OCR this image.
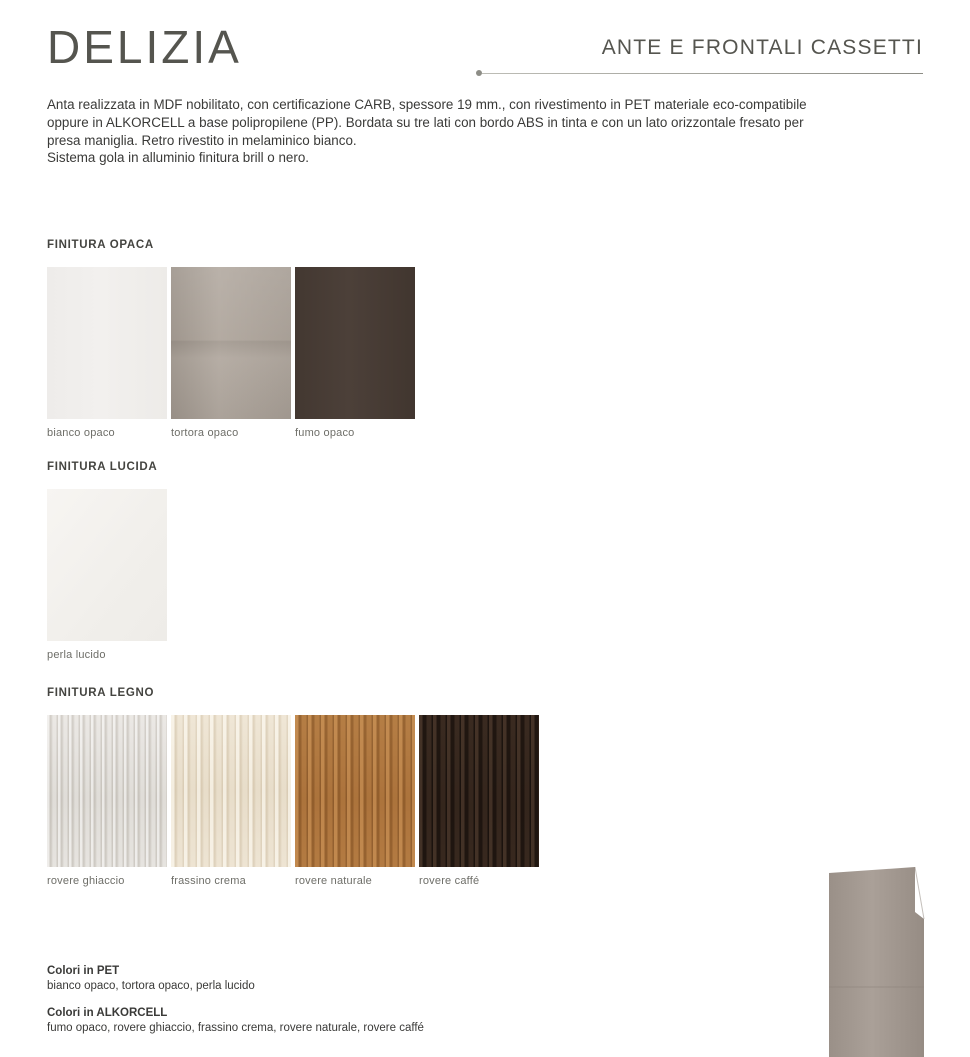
DELIZIA	ANTE E FRONTALI CASSETTI

Anta realizzata in MDF nobilitato, con certificazione CARB, spessore 19 mm., con rivestimento in PET materiale eco-compatibile

oppure in ALKORCELL a base polipropilene (PP). Bordata su tre lati con bordo ABS in tinta e con un lato orizzontale fresato per

presa maniglia. Retro rivestito in melaminico bianco.

Sistema gola in alluminio finitura brill o nero.

FINITURA OPACA
bianco opaco	tortora opaco	fumo opaco
FINITURA LUCIDA
perla lucido
FINITURA LEGNO
rovere ghiaccio	frassino crema	rovere naturale	rovere caffé
Colori in PET
bianco opaco, tortora opaco, perla lucido
Colori in ALKORCELL
fumo opaco, rovere ghiaccio, frassino crema, rovere naturale, rovere caffé
